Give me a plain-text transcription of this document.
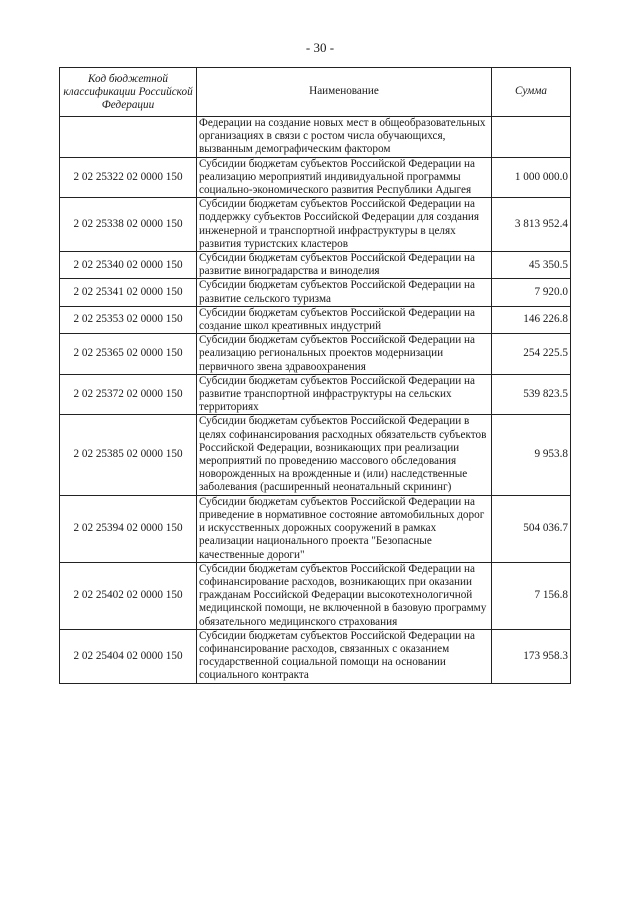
- 30 -
Код бюджетной классификации Российской Федерации	Наименование	Сумма
	Федерации на создание новых мест в общеобразовательных организациях в связи с ростом числа обучающихся, вызванным демографическим фактором	
2 02 25322 02 0000 150	Субсидии бюджетам субъектов Российской Федерации на реализацию мероприятий индивидуальной программы социально-экономического развития Республики Адыгея	1 000 000.0
2 02 25338 02 0000 150	Субсидии бюджетам субъектов Российской Федерации на поддержку субъектов Российской Федерации для создания инженерной и транспортной инфраструктуры в целях развития туристских кластеров	3 813 952.4
2 02 25340 02 0000 150	Субсидии бюджетам субъектов Российской Федерации на развитие виноградарства и виноделия	45 350.5
2 02 25341 02 0000 150	Субсидии бюджетам субъектов Российской Федерации на развитие сельского туризма	7 920.0
2 02 25353 02 0000 150	Субсидии бюджетам субъектов Российской Федерации на создание школ креативных индустрий	146 226.8
2 02 25365 02 0000 150	Субсидии бюджетам субъектов Российской Федерации на реализацию региональных проектов модернизации первичного звена здравоохранения	254 225.5
2 02 25372 02 0000 150	Субсидии бюджетам субъектов Российской Федерации на развитие транспортной инфраструктуры на сельских территориях	539 823.5
2 02 25385 02 0000 150	Субсидии бюджетам субъектов Российской Федерации в целях софинансирования расходных обязательств субъектов Российской Федерации, возникающих при реализации мероприятий по проведению массового обследования новорожденных на врожденные и (или) наследственные заболевания (расширенный неонатальный скрининг)	9 953.8
2 02 25394 02 0000 150	Субсидии бюджетам субъектов Российской Федерации на приведение в нормативное состояние автомобильных дорог и искусственных дорожных сооружений в рамках реализации национального проекта "Безопасные качественные дороги"	504 036.7
2 02 25402 02 0000 150	Субсидии бюджетам субъектов Российской Федерации на софинансирование расходов, возникающих при оказании гражданам Российской Федерации высокотехнологичной медицинской помощи, не включенной в базовую программу обязательного медицинского страхования	7 156.8
2 02 25404 02 0000 150	Субсидии бюджетам субъектов Российской Федерации на софинансирование расходов, связанных с оказанием государственной социальной помощи на основании социального контракта	173 958.3
